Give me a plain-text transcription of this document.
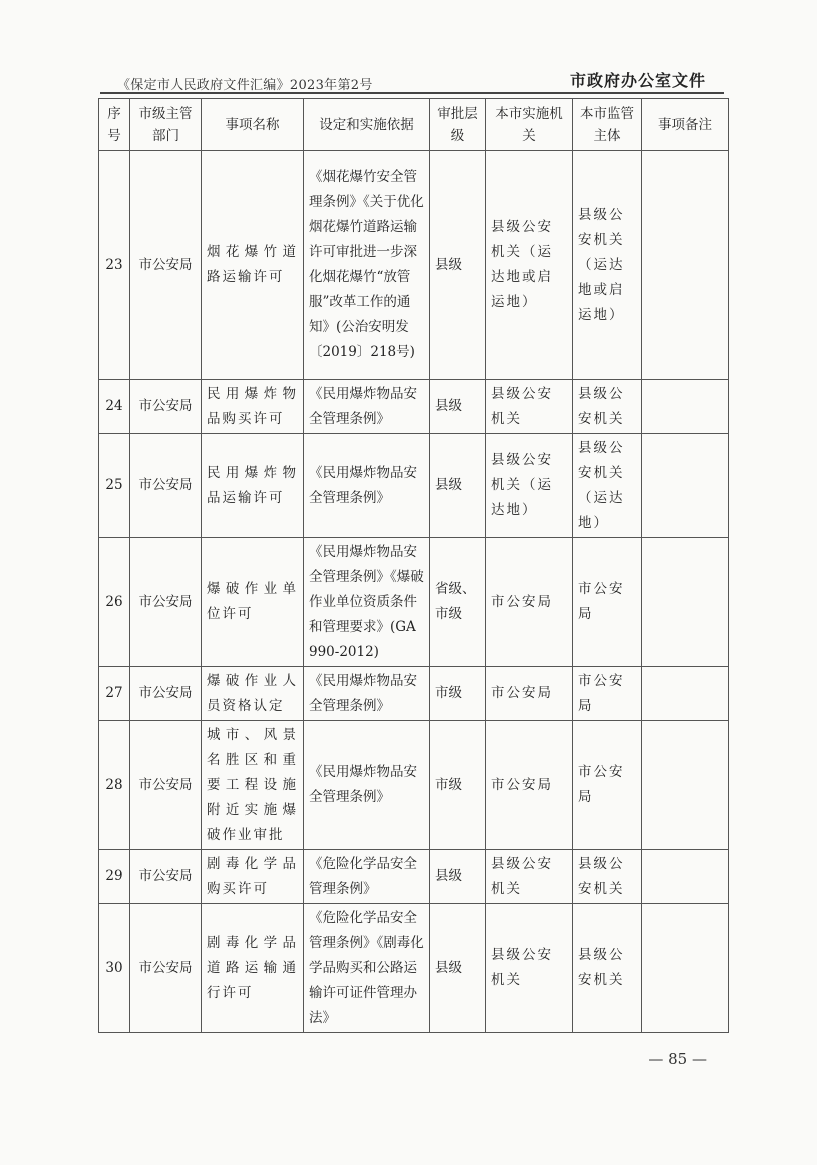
《保定市人民政府文件汇编》2023年第2号	市政府办公室文件
序号	市级主管部门	事项名称	设定和实施依据	审批层级	本市实施机关	本市监管主体	事项备注
23	市公安局	烟花爆竹道路运输许可	《烟花爆竹安全管理条例》《关于优化烟花爆竹道路运输许可审批进一步深化烟花爆竹“放管服”改革工作的通知》(公治安明发〔2019〕218号)	县级	县级公安机关（运达地或启运地）	县级公安机关（运达地或启运地）	
24	市公安局	民用爆炸物品购买许可	《民用爆炸物品安全管理条例》	县级	县级公安机关	县级公安机关	
25	市公安局	民用爆炸物品运输许可	《民用爆炸物品安全管理条例》	县级	县级公安机关（运达地）	县级公安机关（运达地）	
26	市公安局	爆破作业单位许可	《民用爆炸物品安全管理条例》《爆破作业单位资质条件和管理要求》(GA990-2012)	省级、市级	市公安局	市公安局	
27	市公安局	爆破作业人员资格认定	《民用爆炸物品安全管理条例》	市级	市公安局	市公安局	
28	市公安局	城市、风景名胜区和重要工程设施附近实施爆破作业审批	《民用爆炸物品安全管理条例》	市级	市公安局	市公安局	
29	市公安局	剧毒化学品购买许可	《危险化学品安全管理条例》	县级	县级公安机关	县级公安机关	
30	市公安局	剧毒化学品道路运输通行许可	《危险化学品安全管理条例》《剧毒化学品购买和公路运输许可证件管理办法》	县级	县级公安机关	县级公安机关	
— 85 —
